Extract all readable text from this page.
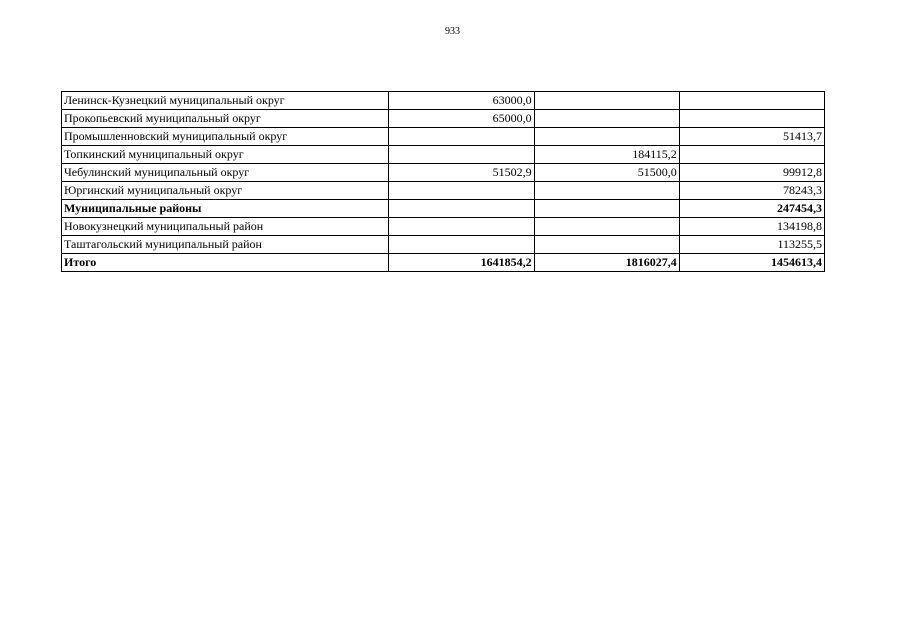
933
Ленинск-Кузнецкий муниципальный округ	63000,0		
Прокопьевский муниципальный округ	65000,0		
Промышленновский муниципальный округ			51413,7
Топкинский муниципальный округ		184115,2	
Чебулинский муниципальный округ	51502,9	51500,0	99912,8
Юргинский муниципальный округ			78243,3
Муниципальные районы			247454,3
Новокузнецкий муниципальный район			134198,8
Таштагольский муниципальный район			113255,5
Итого	1641854,2	1816027,4	1454613,4
